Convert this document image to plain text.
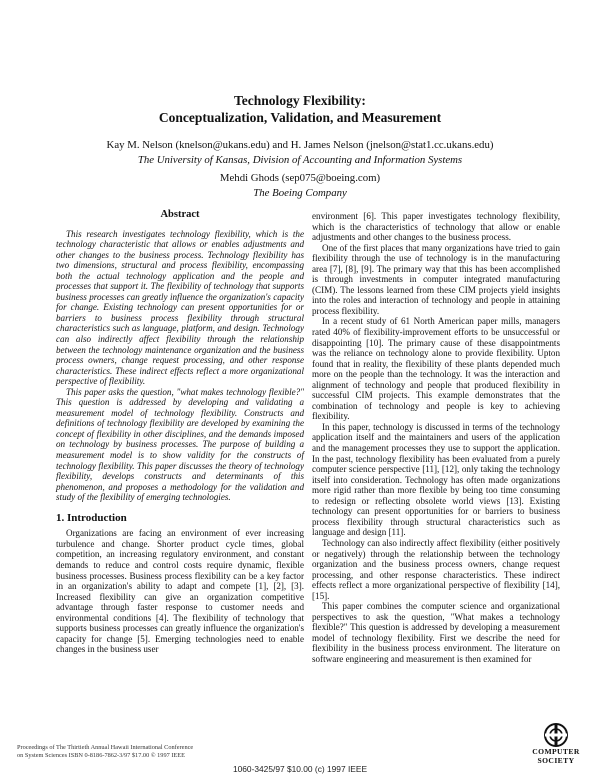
Technology Flexibility:
Conceptualization, Validation, and Measurement
Kay M. Nelson (knelson@ukans.edu) and H. James Nelson (jnelson@stat1.cc.ukans.edu)
The University of Kansas, Division of Accounting and Information Systems
Mehdi Ghods (sep075@boeing.com)
The Boeing Company
Abstract

This research investigates technology flexibility, which is the technology characteristic that allows or enables adjustments and other changes to the business process. Technology flexibility has two dimensions, structural and process flexibility, encompassing both the actual technology application and the people and processes that support it. The flexibility of technology that supports business processes can greatly influence the organization's capacity for change. Existing technology can present opportunities for or barriers to business process flexibility through structural characteristics such as language, platform, and design. Technology can also indirectly affect flexibility through the relationship between the technology maintenance organization and the business process owners, change request processing, and other response characteristics. These indirect effects reflect a more organizational perspective of flexibility.

This paper asks the question, "what makes technology flexible?" This question is addressed by developing and validating a measurement model of technology flexibility. Constructs and definitions of technology flexibility are developed by examining the concept of flexibility in other disciplines, and the demands imposed on technology by business processes. The purpose of building a measurement model is to show validity for the constructs of technology flexibility. This paper discusses the theory of technology flexibility, develops constructs and determinants of this phenomenon, and proposes a methodology for the validation and study of the flexibility of emerging technologies.

1. Introduction

Organizations are facing an environment of ever increasing turbulence and change. Shorter product cycle times, global competition, an increasing regulatory environment, and constant demands to reduce and control costs require dynamic, flexible business processes. Business process flexibility can be a key factor in an organization's ability to adapt and compete [1], [2], [3]. Increased flexibility can give an organization competitive advantage through faster response to customer needs and environmental conditions [4]. The flexibility of technology that supports business processes can greatly influence the organization's capacity for change [5]. Emerging technologies need to enable changes in the business user

environment [6]. This paper investigates technology flexibility, which is the characteristics of technology that allow or enable adjustments and other changes to the business process.

One of the first places that many organizations have tried to gain flexibility through the use of technology is in the manufacturing area [7], [8], [9]. The primary way that this has been accomplished is through investments in computer integrated manufacturing (CIM). The lessons learned from these CIM projects yield insights into the roles and interaction of technology and people in attaining process flexibility.

In a recent study of 61 North American paper mills, managers rated 40% of flexibility-improvement efforts to be unsuccessful or disappointing [10]. The primary cause of these disappointments was the reliance on technology alone to provide flexibility. Upton found that in reality, the flexibility of these plants depended much more on the people than the technology. It was the interaction and alignment of technology and people that produced flexibility in successful CIM projects. This example demonstrates that the combination of technology and people is key to achieving flexibility.

In this paper, technology is discussed in terms of the technology application itself and the maintainers and users of the application and the management processes they use to support the application. In the past, technology flexibility has been evaluated from a purely computer science perspective [11], [12], only taking the technology itself into consideration. Technology has often made organizations more rigid rather than more flexible by being too time consuming to redesign or reflecting obsolete world views [13]. Existing technology can present opportunities for or barriers to business process flexibility through structural characteristics such as language and design [11].

Technology can also indirectly affect flexibility (either positively or negatively) through the relationship between the technology organization and the business process owners, change request processing, and other response characteristics. These indirect effects reflect a more organizational perspective of flexibility [14], [15].

This paper combines the computer science and organizational perspectives to ask the question, "What makes a technology flexible?" This question is addressed by developing a measurement model of technology flexibility. First we describe the need for flexibility in the business process environment. The literature on software engineering and measurement is then examined for

Proceedings of The Thirtieth Annual Hawaii International Conference
on System Sciences ISBN 0-8186-7862-3/97 $17.00 © 1997 IEEE
1060-3425/97 $10.00 (c) 1997 IEEE
COMPUTER
SOCIETY
